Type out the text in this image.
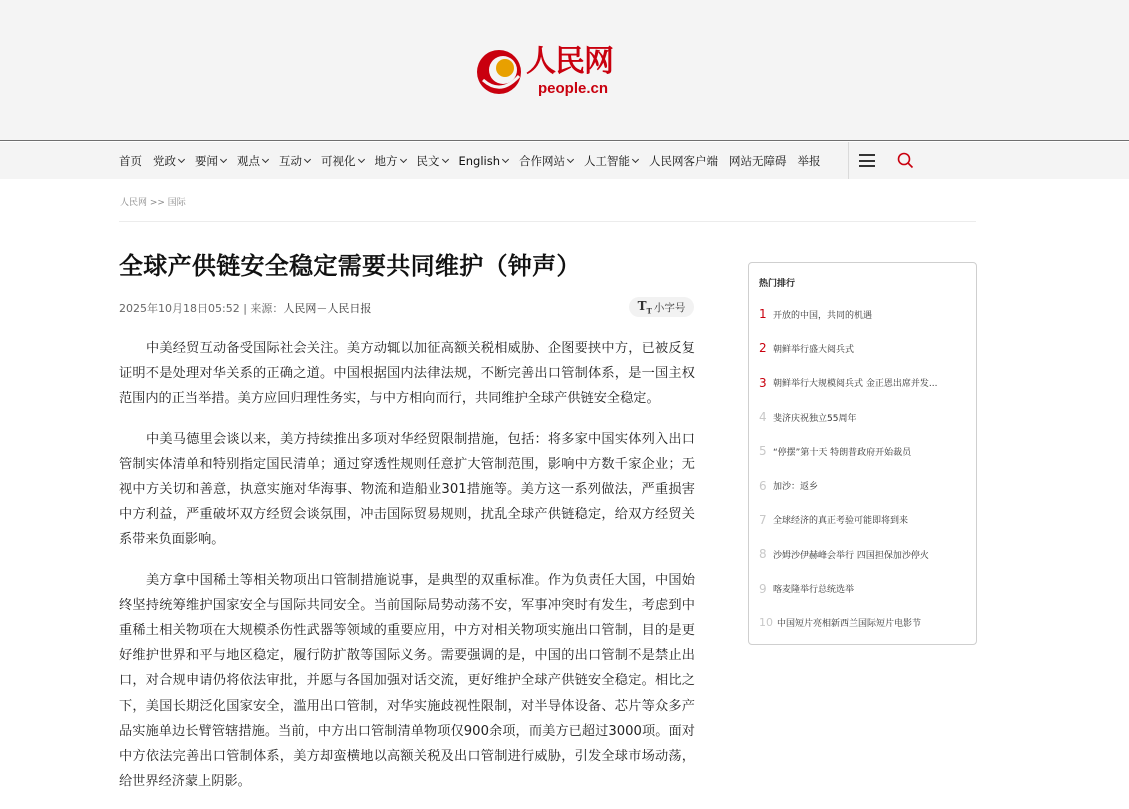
人民网
people.cn
首页 党政 要闻 观点 互动 可视化 地方 民文 English 合作网站 人工智能 人民网客户端 网站无障碍 举报
人民网 >> 国际
全球产供链安全稳定需要共同维护（钟声）
2025年10月18日05:52 | 来源：人民网－人民日报	$T_T$ 小字号

中美经贸互动备受国际社会关注。美方动辄以加征高额关税相威胁、企图要挟中方，已被反复证明不是处理对华关系的正确之道。中国根据国内法律法规，不断完善出口管制体系，是一国主权范围内的正当举措。美方应回归理性务实，与中方相向而行，共同维护全球产供链安全稳定。

中美马德里会谈以来，美方持续推出多项对华经贸限制措施，包括：将多家中国实体列入出口管制实体清单和特别指定国民清单；通过穿透性规则任意扩大管制范围，影响中方数千家企业；无视中方关切和善意，执意实施对华海事、物流和造船业301措施等。美方这一系列做法，严重损害中方利益，严重破坏双方经贸会谈氛围，冲击国际贸易规则，扰乱全球产供链稳定，给双方经贸关系带来负面影响。

美方拿中国稀土等相关物项出口管制措施说事，是典型的双重标准。作为负责任大国，中国始终坚持统筹维护国家安全与国际共同安全。当前国际局势动荡不安，军事冲突时有发生，考虑到中重稀土相关物项在大规模杀伤性武器等领域的重要应用，中方对相关物项实施出口管制，目的是更好维护世界和平与地区稳定，履行防扩散等国际义务。需要强调的是，中国的出口管制不是禁止出口，对合规申请仍将依法审批，并愿与各国加强对话交流，更好维护全球产供链安全稳定。相比之下，美国长期泛化国家安全，滥用出口管制，对华实施歧视性限制，对半导体设备、芯片等众多产品实施单边长臂管辖措施。当前，中方出口管制清单物项仅900余项，而美方已超过3000项。面对中方依法完善出口管制体系，美方却蛮横地以高额关税及出口管制进行威胁，引发全球市场动荡，给世界经济蒙上阴影。

热门排行
1 开放的中国，共同的机遇
2 朝鲜举行盛大阅兵式
3 朝鲜举行大规模阅兵式 金正恩出席并发...
4 斐济庆祝独立55周年
5 “停摆”第十天 特朗普政府开始裁员
6 加沙：返乡
7 全球经济的真正考验可能即将到来
8 沙姆沙伊赫峰会举行 四国担保加沙停火
9 喀麦隆举行总统选举
10 中国短片亮相新西兰国际短片电影节
